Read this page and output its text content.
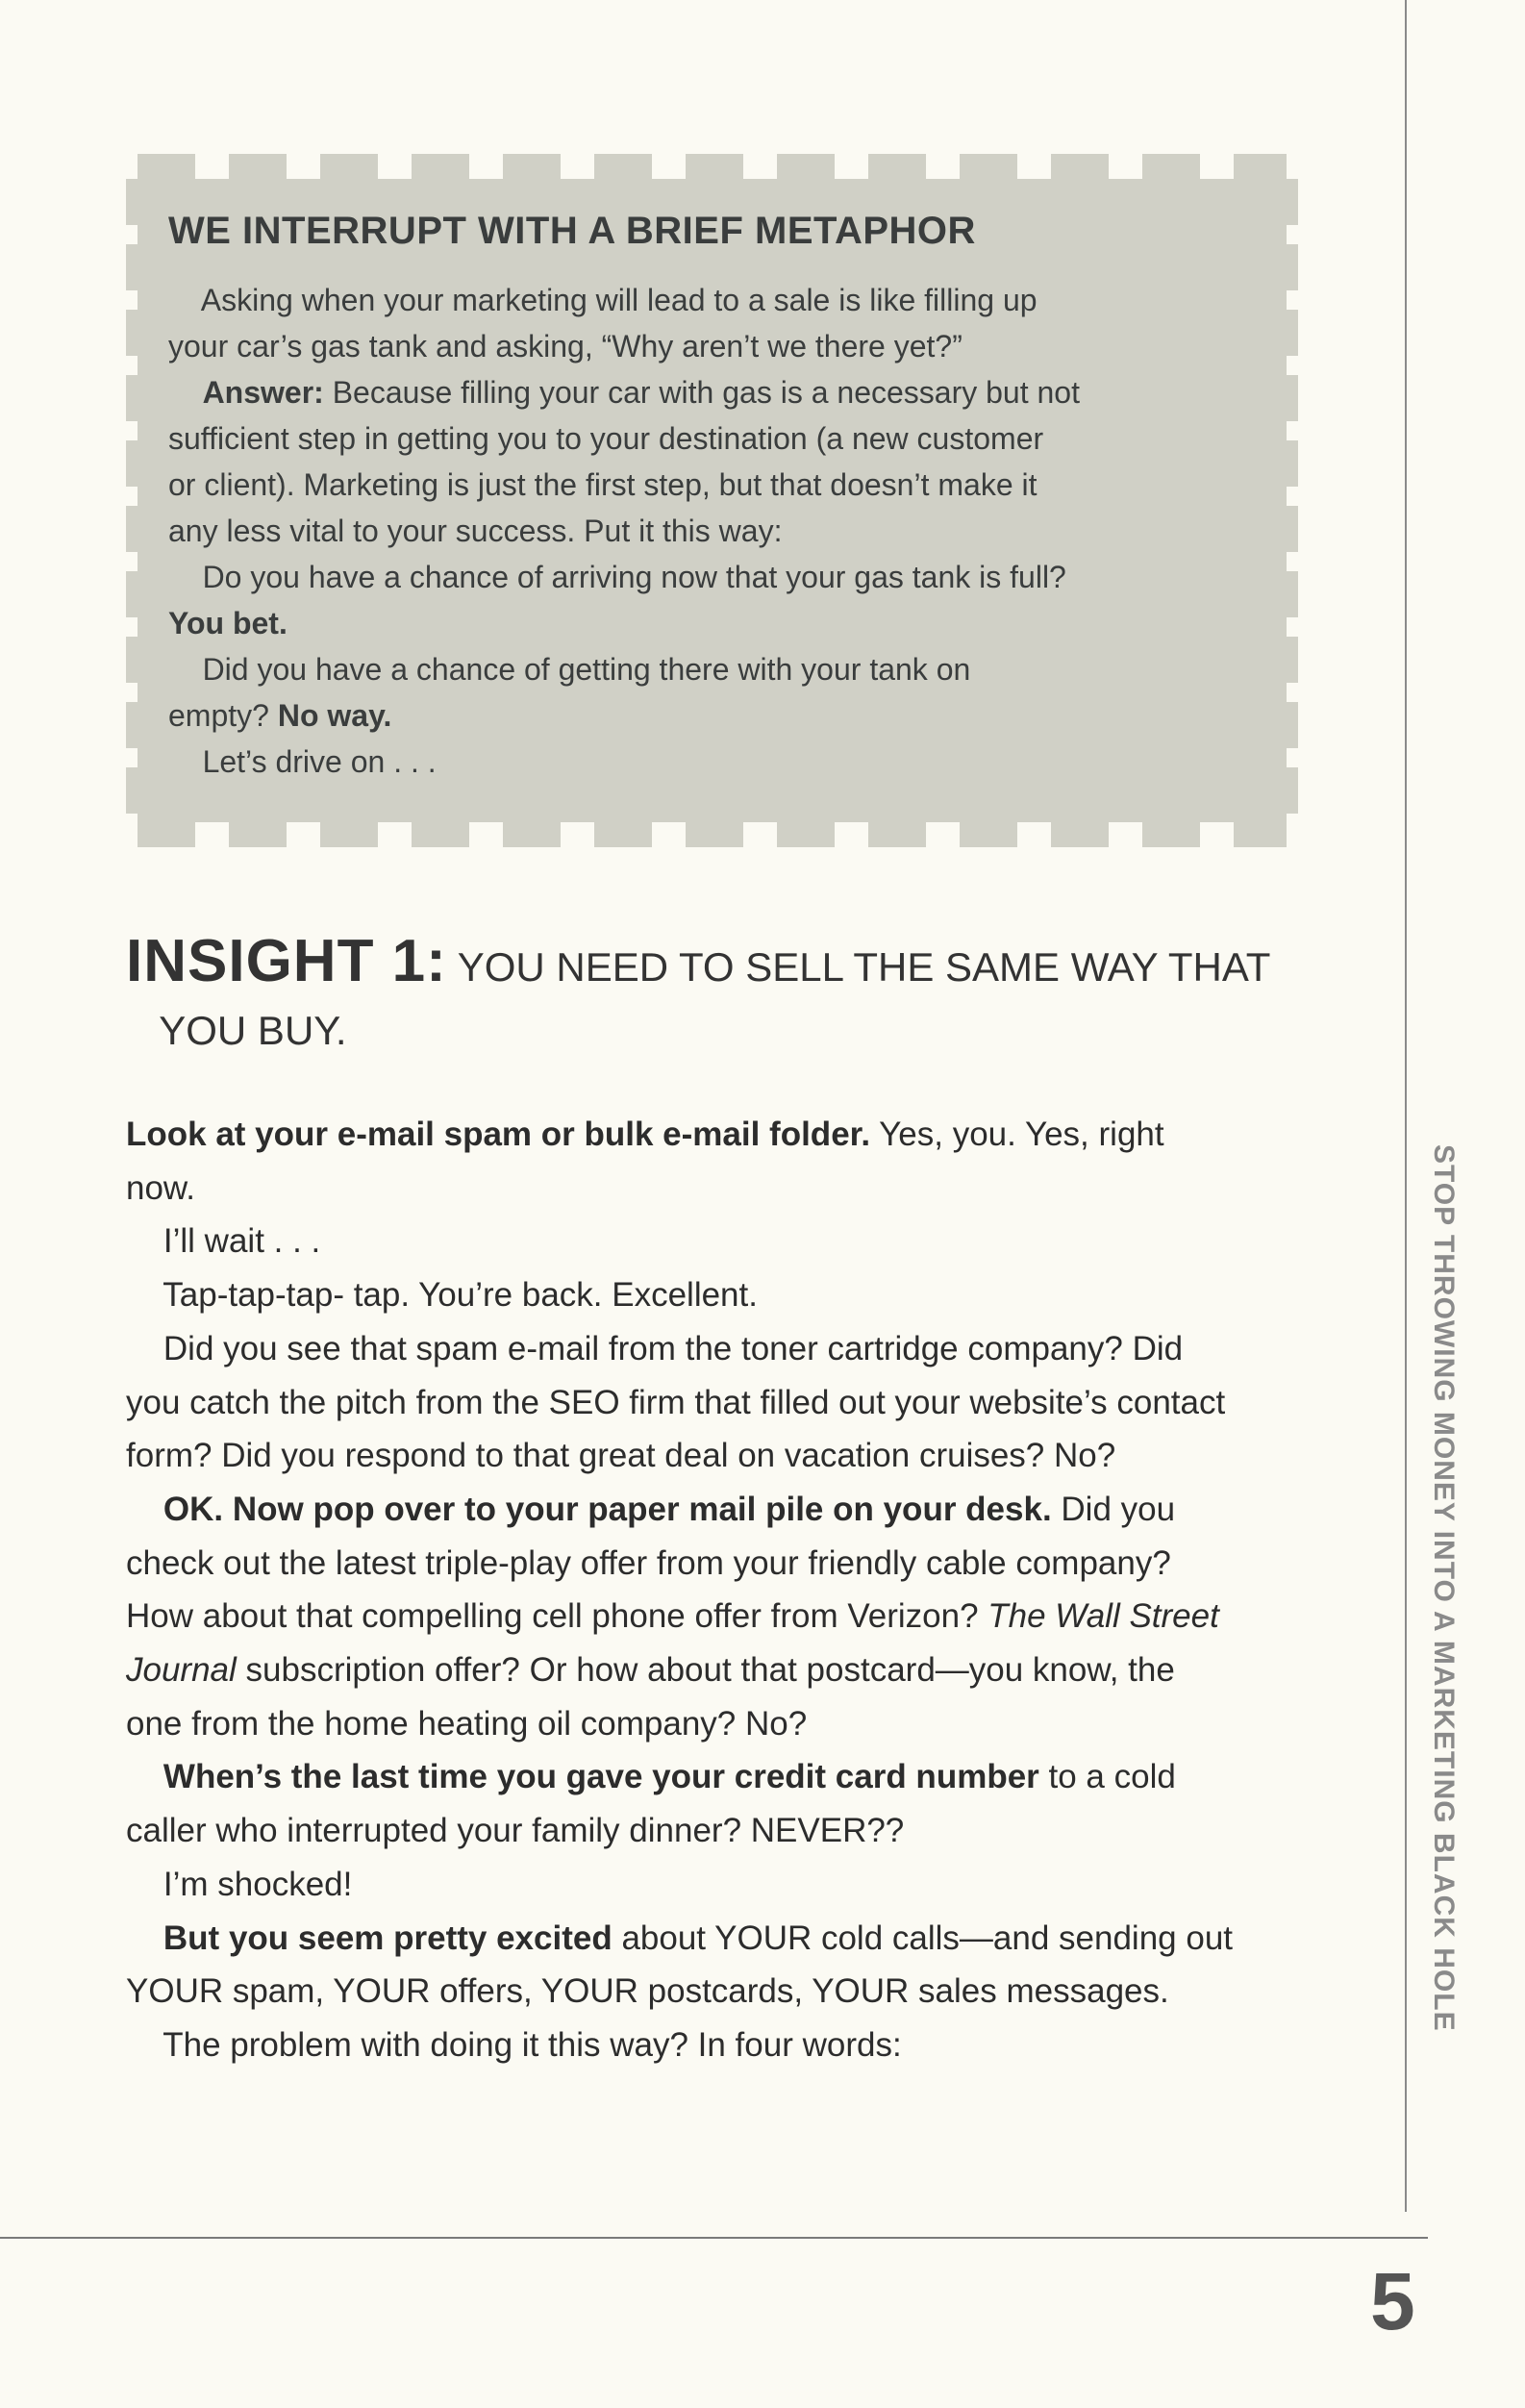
WE INTERRUPT WITH A BRIEF METAPHOR
Asking when your marketing will lead to a sale is like filling up
your car’s gas tank and asking, “Why aren’t we there yet?”
Answer: Because filling your car with gas is a necessary but not
sufficient step in getting you to your destination (a new customer
or client). Marketing is just the first step, but that doesn’t make it
any less vital to your success. Put it this way:
Do you have a chance of arriving now that your gas tank is full?
You bet.
Did you have a chance of getting there with your tank on
empty? No way.
Let’s drive on . . .
INSIGHT 1: YOU NEED TO SELL THE SAME WAY THAT
YOU BUY.
Look at your e-mail spam or bulk e-mail folder. Yes, you. Yes, right
now.
I’ll wait . . .
Tap-tap-tap- tap. You’re back. Excellent.
Did you see that spam e-mail from the toner cartridge company? Did
you catch the pitch from the SEO firm that filled out your website’s contact
form? Did you respond to that great deal on vacation cruises? No?
OK. Now pop over to your paper mail pile on your desk. Did you
check out the latest triple-play offer from your friendly cable company?
How about that compelling cell phone offer from Verizon? The Wall Street
Journal subscription offer? Or how about that postcard—you know, the
one from the home heating oil company? No?
When’s the last time you gave your credit card number to a cold
caller who interrupted your family dinner? NEVER??
I’m shocked!
But you seem pretty excited about YOUR cold calls—and sending out
YOUR spam, YOUR offers, YOUR postcards, YOUR sales messages.
The problem with doing it this way? In four words:
STOP THROWING MONEY INTO A MARKETING BLACK HOLE
5
